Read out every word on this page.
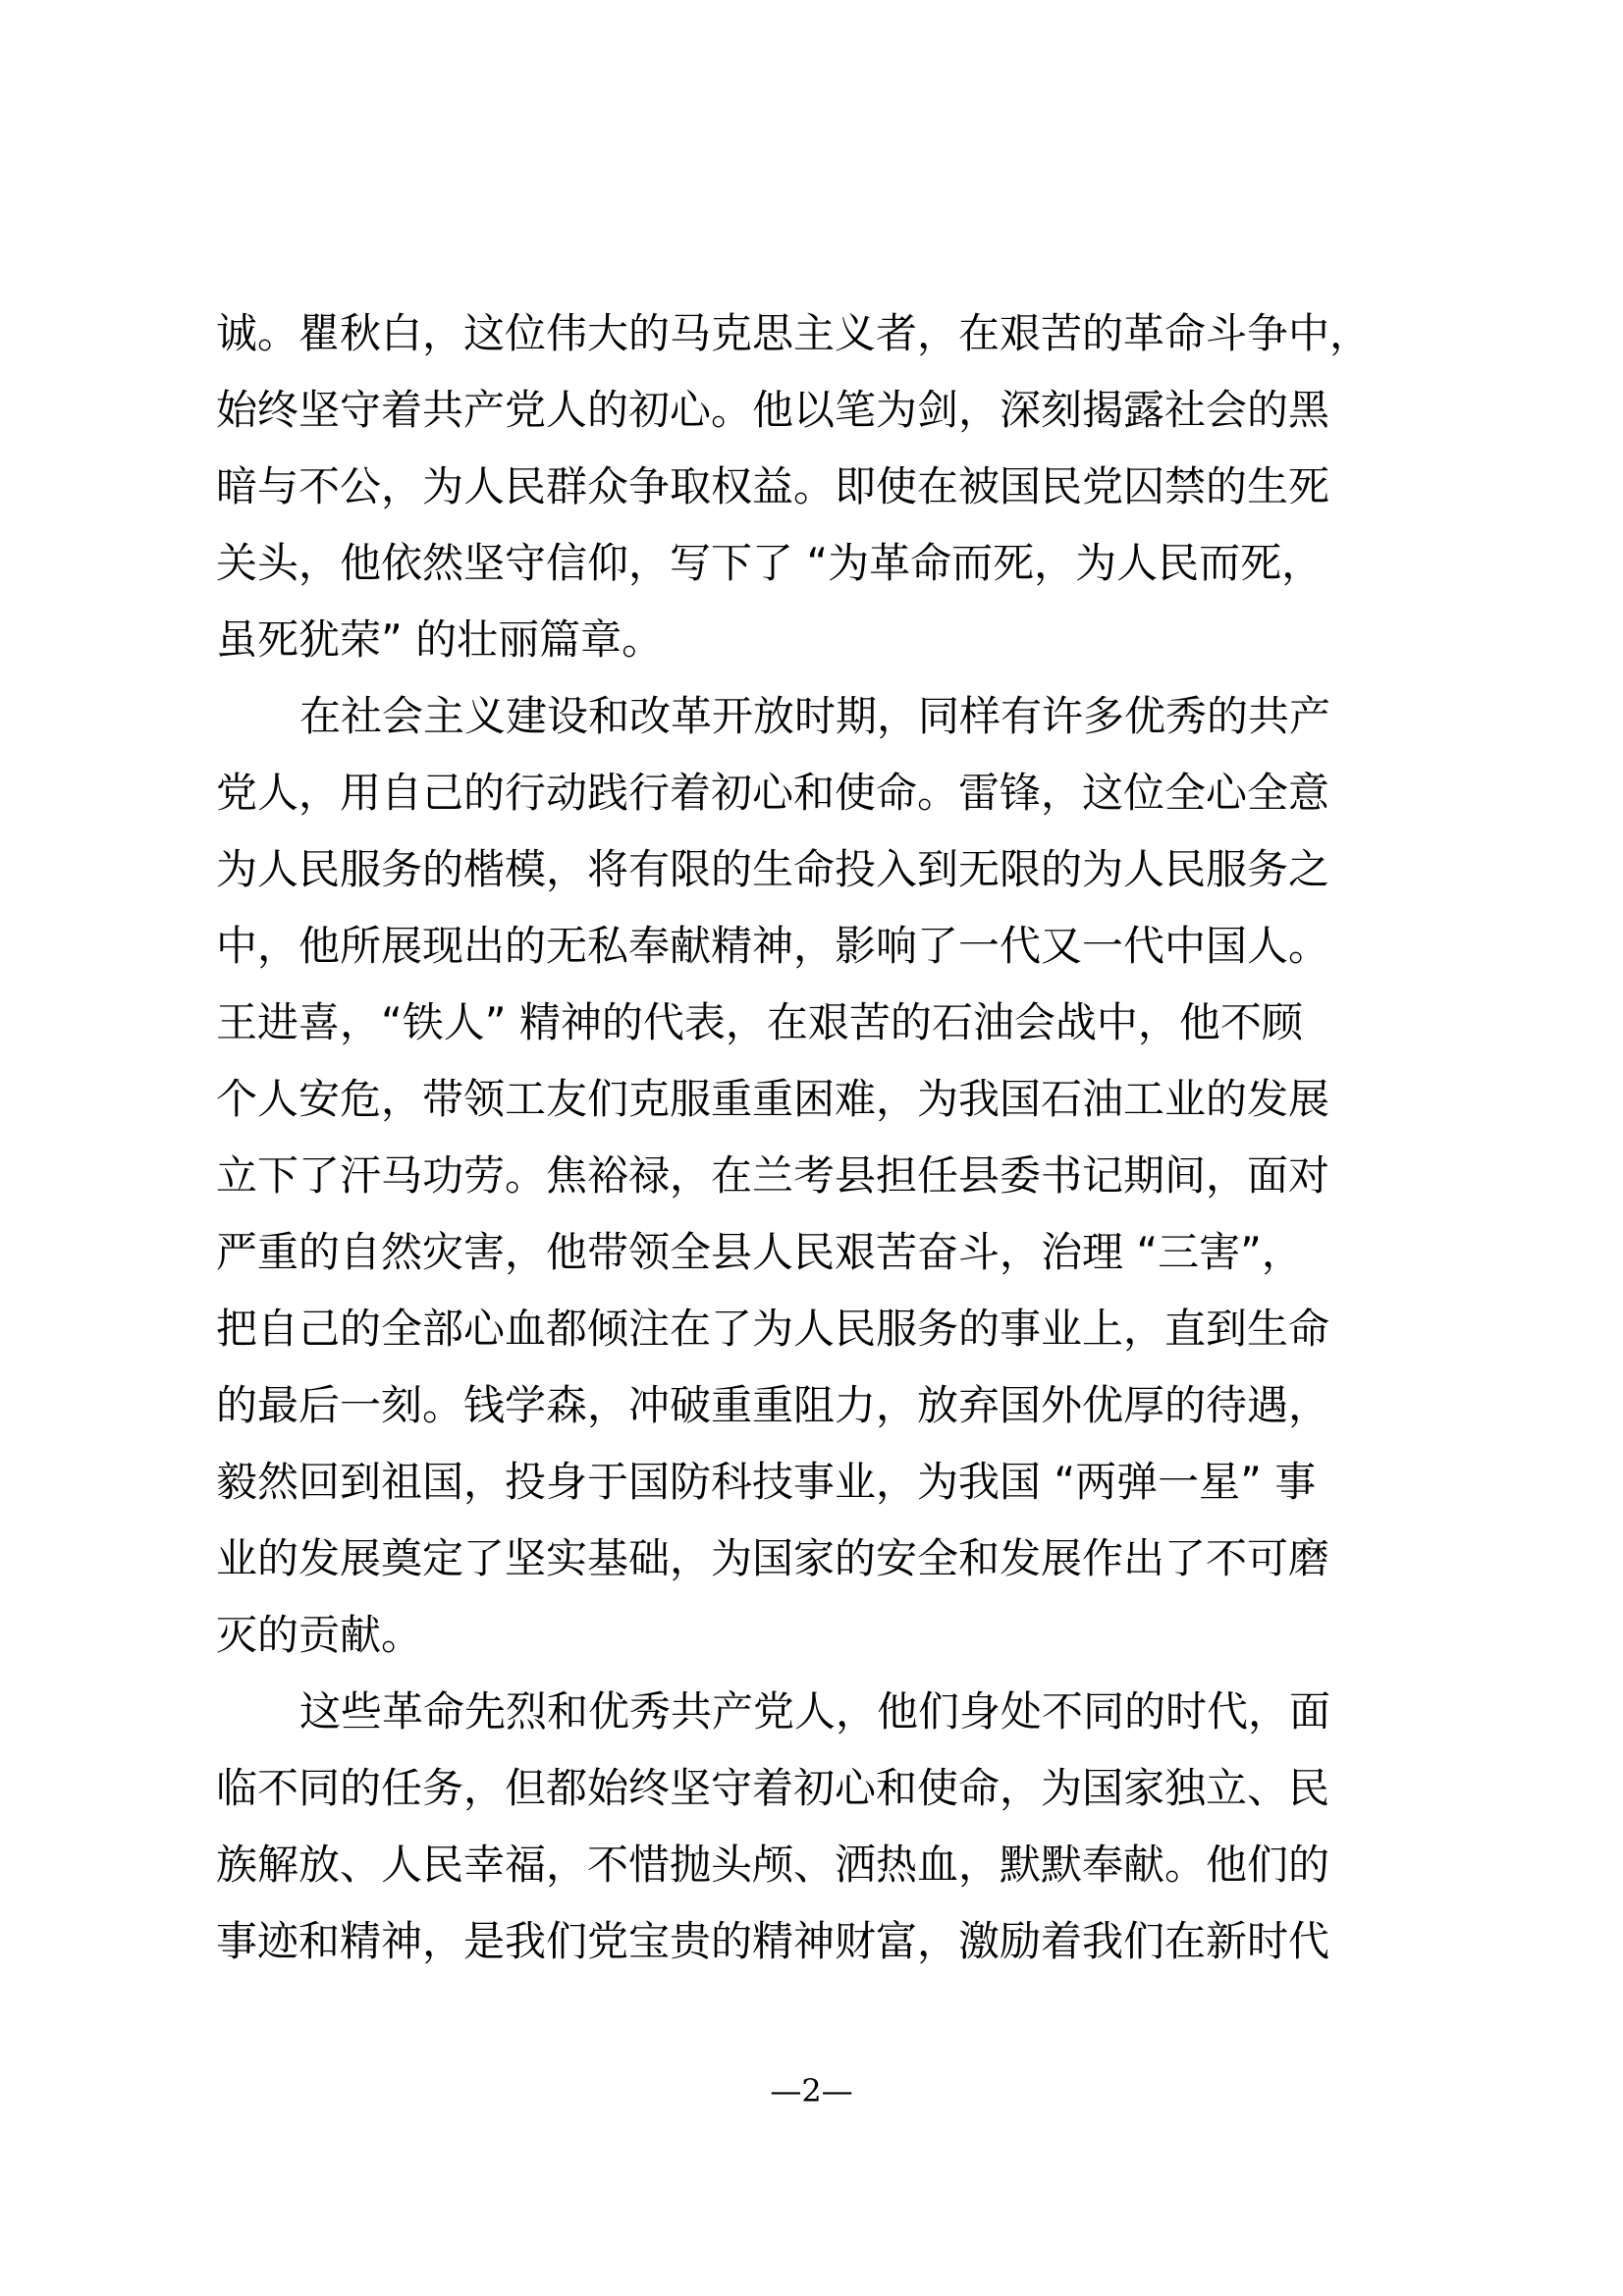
诚。瞿秋白，这位伟大的马克思主义者，在艰苦的革命斗争中，
始终坚守着共产党人的初心。他以笔为剑，深刻揭露社会的黑
暗与不公，为人民群众争取权益。即使在被国民党囚禁的生死
关头，他依然坚守信仰，写下了 “为革命而死，为人民而死，
虽死犹荣” 的壮丽篇章。
在社会主义建设和改革开放时期，同样有许多优秀的共产
党人，用自己的行动践行着初心和使命。雷锋，这位全心全意
为人民服务的楷模，将有限的生命投入到无限的为人民服务之
中，他所展现出的无私奉献精神，影响了一代又一代中国人。
王进喜，“铁人” 精神的代表，在艰苦的石油会战中，他不顾
个人安危，带领工友们克服重重困难，为我国石油工业的发展
立下了汗马功劳。焦裕禄，在兰考县担任县委书记期间，面对
严重的自然灾害，他带领全县人民艰苦奋斗，治理 “三害”，
把自己的全部心血都倾注在了为人民服务的事业上，直到生命
的最后一刻。钱学森，冲破重重阻力，放弃国外优厚的待遇，
毅然回到祖国，投身于国防科技事业，为我国 “两弹一星” 事
业的发展奠定了坚实基础，为国家的安全和发展作出了不可磨
灭的贡献。
这些革命先烈和优秀共产党人，他们身处不同的时代，面
临不同的任务，但都始终坚守着初心和使命，为国家独立、民
族解放、人民幸福，不惜抛头颅、洒热血，默默奉献。他们的
事迹和精神，是我们党宝贵的精神财富，激励着我们在新时代
—2—
